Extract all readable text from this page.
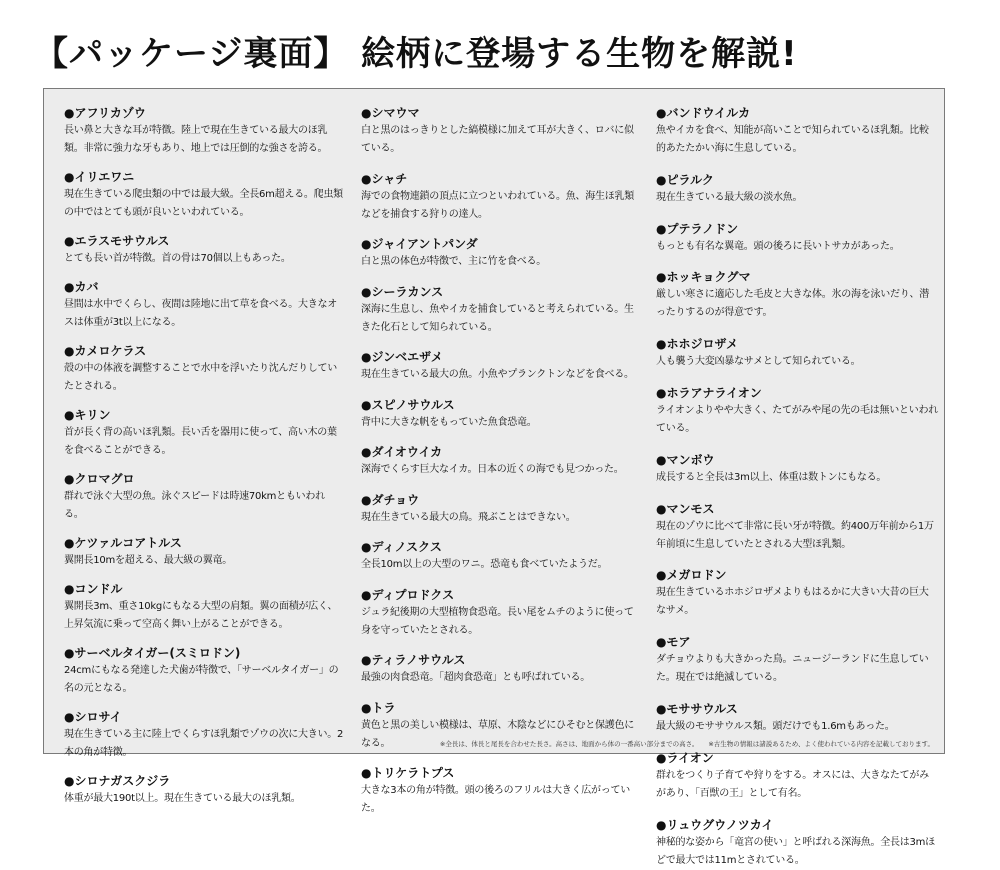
【パッケージ裏面】 絵柄に登場する生物を解説!
●アフリカゾウ
長い鼻と大きな耳が特徴。陸上で現在生きている最大のほ乳類。非常に強力な牙もあり、地上では圧倒的な強さを誇る。
●イリエワニ
現在生きている爬虫類の中では最大級。全長6m超える。爬虫類の中ではとても頭が良いといわれている。
●エラスモサウルス
とても長い首が特徴。首の骨は70個以上もあった。
●カバ
昼間は水中でくらし、夜間は陸地に出て草を食べる。大きなオスは体重が3t以上になる。
●カメロケラス
殻の中の体液を調整することで水中を浮いたり沈んだりしていたとされる。
●キリン
首が長く背の高いほ乳類。長い舌を器用に使って、高い木の葉を食べることができる。
●クロマグロ
群れで泳ぐ大型の魚。泳ぐスピードは時速70kmともいわれる。
●ケツァルコアトルス
翼開長10mを超える、最大級の翼竜。
●コンドル
翼開長3m、重さ10kgにもなる大型の肩類。翼の面積が広く、上昇気流に乗って空高く舞い上がることができる。
●サーベルタイガー(スミロドン)
24cmにもなる発達した犬歯が特徴で、「サーベルタイガー」の名の元となる。
●シロサイ
現在生きている主に陸上でくらすほ乳類でゾウの次に大きい。2本の角が特徴。
●シロナガスクジラ
体重が最大190t以上。現在生きている最大のほ乳類。
●シマウマ
白と黒のはっきりとした縞模様に加えて耳が大きく、ロバに似ている。
●シャチ
海での食物連鎖の頂点に立つといわれている。魚、海生ほ乳類などを捕食する狩りの達人。
●ジャイアントパンダ
白と黒の体色が特徴で、主に竹を食べる。
●シーラカンス
深海に生息し、魚やイカを捕食していると考えられている。生きた化石として知られている。
●ジンベエザメ
現在生きている最大の魚。小魚やプランクトンなどを食べる。
●スピノサウルス
背中に大きな帆をもっていた魚食恐竜。
●ダイオウイカ
深海でくらす巨大なイカ。日本の近くの海でも見つかった。
●ダチョウ
現在生きている最大の鳥。飛ぶことはできない。
●ディノスクス
全長10m以上の大型のワニ。恐竜も食べていたようだ。
●ディプロドクス
ジュラ紀後期の大型植物食恐竜。長い尾をムチのように使って身を守っていたとされる。
●ティラノサウルス
最強の肉食恐竜。「超肉食恐竜」とも呼ばれている。
●トラ
黄色と黒の美しい模様は、草原、木陰などにひそむと保護色になる。
●トリケラトプス
大きな3本の角が特徴。頭の後ろのフリルは大きく広がっていた。
●バンドウイルカ
魚やイカを食べ、知能が高いことで知られているほ乳類。比較的あたたかい海に生息している。
●ピラルク
現在生きている最大級の淡水魚。
●プテラノドン
もっとも有名な翼竜。頭の後ろに長いトサカがあった。
●ホッキョクグマ
厳しい寒さに適応した毛皮と大きな体。氷の海を泳いだり、潜ったりするのが得意です。
●ホホジロザメ
人も襲う大変凶暴なサメとして知られている。
●ホラアナライオン
ライオンよりやや大きく、たてがみや尾の先の毛は無いといわれている。
●マンボウ
成長すると全長は3m以上、体重は数トンにもなる。
●マンモス
現在のゾウに比べて非常に長い牙が特徴。約400万年前から1万年前頃に生息していたとされる大型ほ乳類。
●メガロドン
現在生きているホホジロザメよりもはるかに大きい大昔の巨大なサメ。
●モア
ダチョウよりも大きかった鳥。ニュージーランドに生息していた。現在では絶滅している。
●モササウルス
最大級のモササウルス類。頭だけでも1.6mもあった。
●ライオン
群れをつくり子育てや狩りをする。オスには、大きなたてがみがあり、「百獣の王」として有名。
●リュウグウノツカイ
神秘的な姿から「竜宮の使い」と呼ばれる深海魚。全長は3mほどで最大では11mとされている。
※全長は、体長と尾長を合わせた長さ。高さは、地面から体の一番高い部分までの高さ。 ※古生物の情報は諸説あるため、よく使われている内容を記載しております。
